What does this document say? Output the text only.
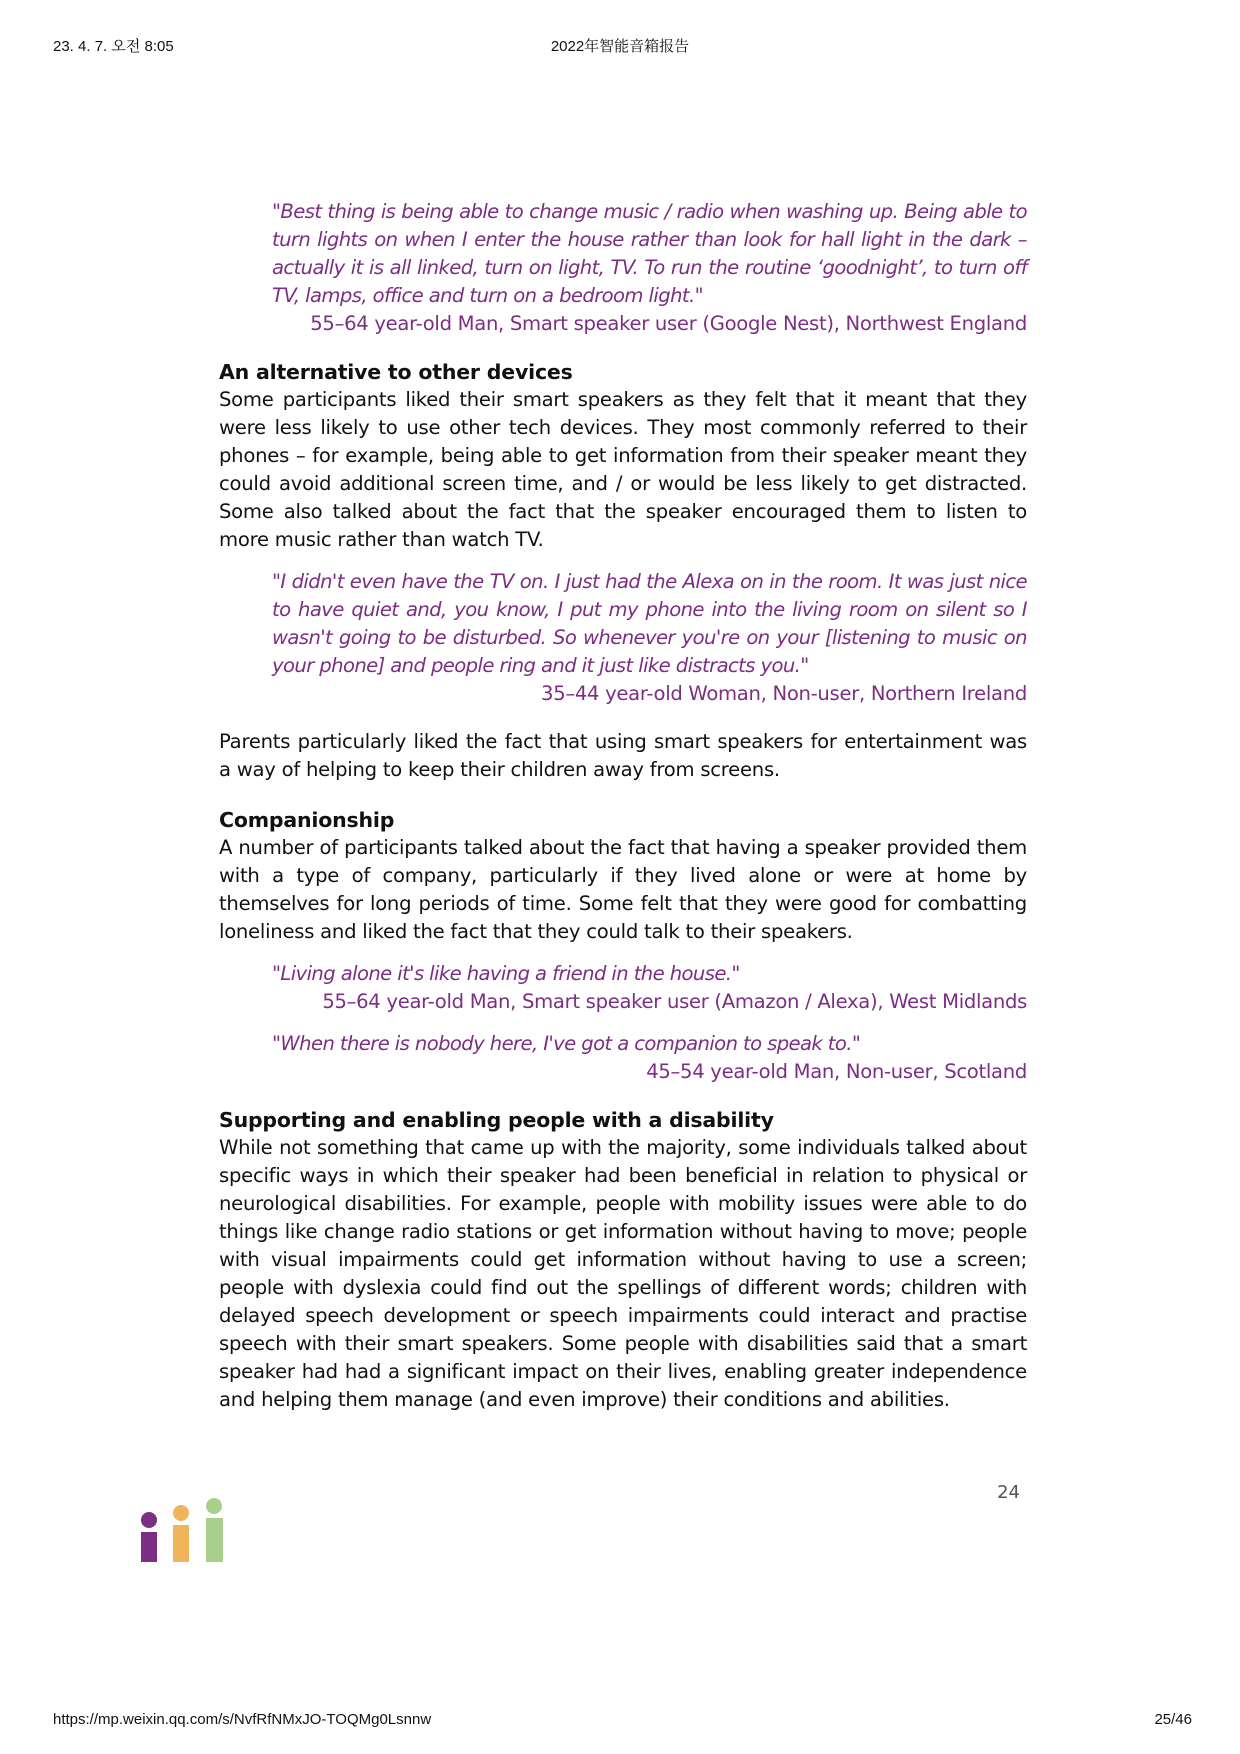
23. 4. 7. 오전 8:05	2022年智能音箱报告

"Best thing is being able to change music / radio when washing up. Being able to turn lights on when I enter the house rather than look for hall light in the dark – actually it is all linked, turn on light, TV. To run the routine ‘goodnight’, to turn off TV, lamps, office and turn on a bedroom light."

55–64 year-old Man, Smart speaker user (Google Nest), Northwest England

An alternative to other devices

Some participants liked their smart speakers as they felt that it meant that they were less likely to use other tech devices. They most commonly referred to their phones – for example, being able to get information from their speaker meant they could avoid additional screen time, and / or would be less likely to get distracted. Some also talked about the fact that the speaker encouraged them to listen to more music rather than watch TV.

"I didn't even have the TV on. I just had the Alexa on in the room. It was just nice to have quiet and, you know, I put my phone into the living room on silent so I wasn't going to be disturbed. So whenever you're on your [listening to music on your phone] and people ring and it just like distracts you."

35–44 year-old Woman, Non-user, Northern Ireland

Parents particularly liked the fact that using smart speakers for entertainment was a way of helping to keep their children away from screens.

Companionship

A number of participants talked about the fact that having a speaker provided them with a type of company, particularly if they lived alone or were at home by themselves for long periods of time. Some felt that they were good for combatting loneliness and liked the fact that they could talk to their speakers.

"Living alone it's like having a friend in the house."

55–64 year-old Man, Smart speaker user (Amazon / Alexa), West Midlands

"When there is nobody here, I've got a companion to speak to."

45–54 year-old Man, Non-user, Scotland

Supporting and enabling people with a disability

While not something that came up with the majority, some individuals talked about specific ways in which their speaker had been beneficial in relation to physical or neurological disabilities. For example, people with mobility issues were able to do things like change radio stations or get information without having to move; people with visual impairments could get information without having to use a screen; people with dyslexia could find out the spellings of different words; children with delayed speech development or speech impairments could interact and practise speech with their smart speakers. Some people with disabilities said that a smart speaker had had a significant impact on their lives, enabling greater independence and helping them manage (and even improve) their conditions and abilities.

24
https://mp.weixin.qq.com/s/NvfRfNMxJO-TOQMg0Lsnnw	25/46
